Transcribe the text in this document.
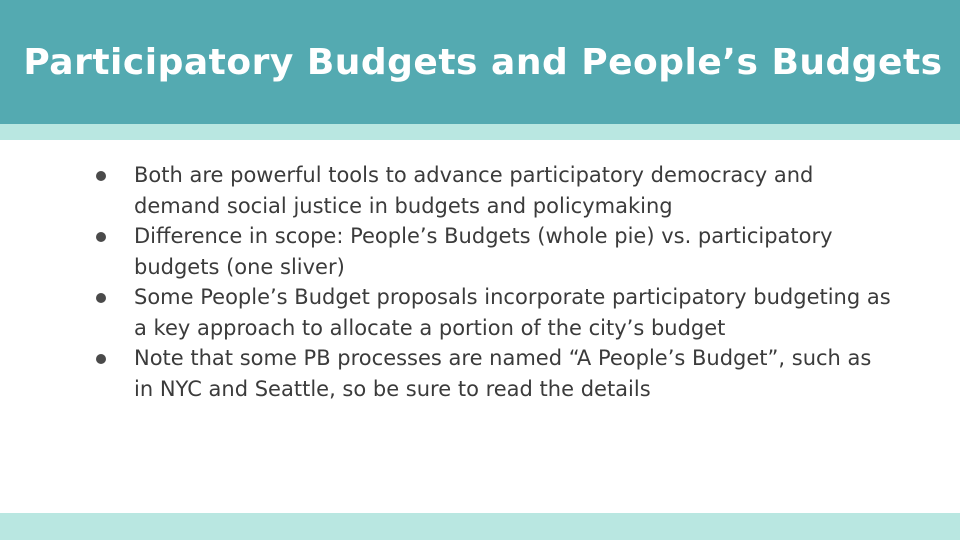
Participatory Budgets and People’s Budgets
Both are powerful tools to advance participatory democracy and demand social justice in budgets and policymaking
Difference in scope: People’s Budgets (whole pie) vs. participatory budgets (one sliver)
Some People’s Budget proposals incorporate participatory budgeting as a key approach to allocate a portion of the city’s budget
Note that some PB processes are named “A People’s Budget”, such as in NYC and Seattle, so be sure to read the details
